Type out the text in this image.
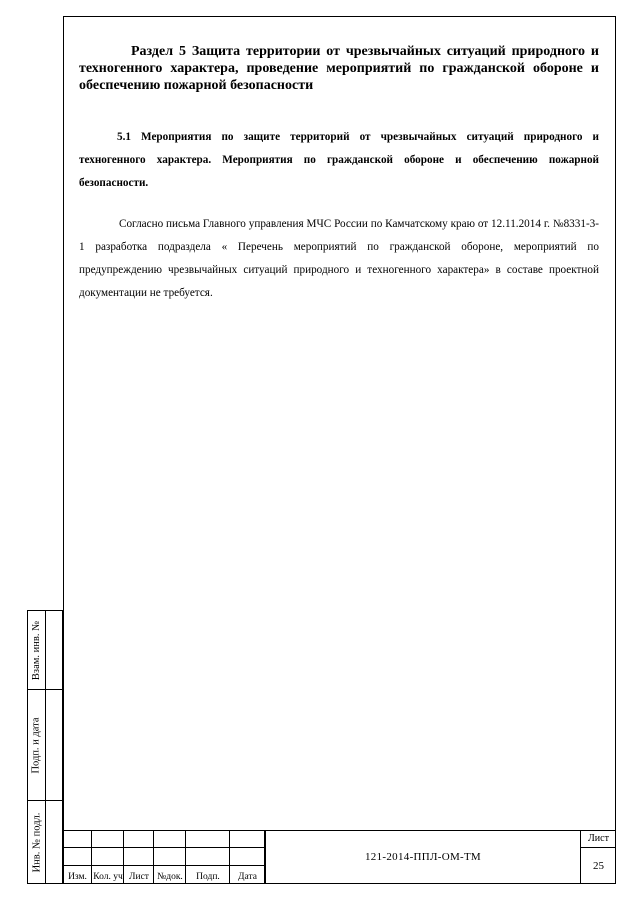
Раздел 5 Защита территории от чрезвычайных ситуаций природного и техногенного характера, проведение мероприятий по гражданской обороне и обеспечению пожарной безопасности

5.1 Мероприятия по защите территорий от чрезвычайных ситуаций природного и техногенного характера. Мероприятия по гражданской обороне и обеспечению пожарной безопасности.

Согласно письма Главного управления МЧС России по Камчатскому краю от 12.11.2014 г. №8331-3-1 разработка подраздела « Перечень мероприятий по гражданской обороне, мероприятий по предупреждению чрезвычайных ситуаций природного и техногенного характера» в составе проектной документации не требуется.

Взам. инв. №
Подп. и дата
Инв. № подл.
Изм. Кол. уч Лист №док.	Подп.	Дата
121-2014-ППЛ-ОМ-ТМ
Лист
25
